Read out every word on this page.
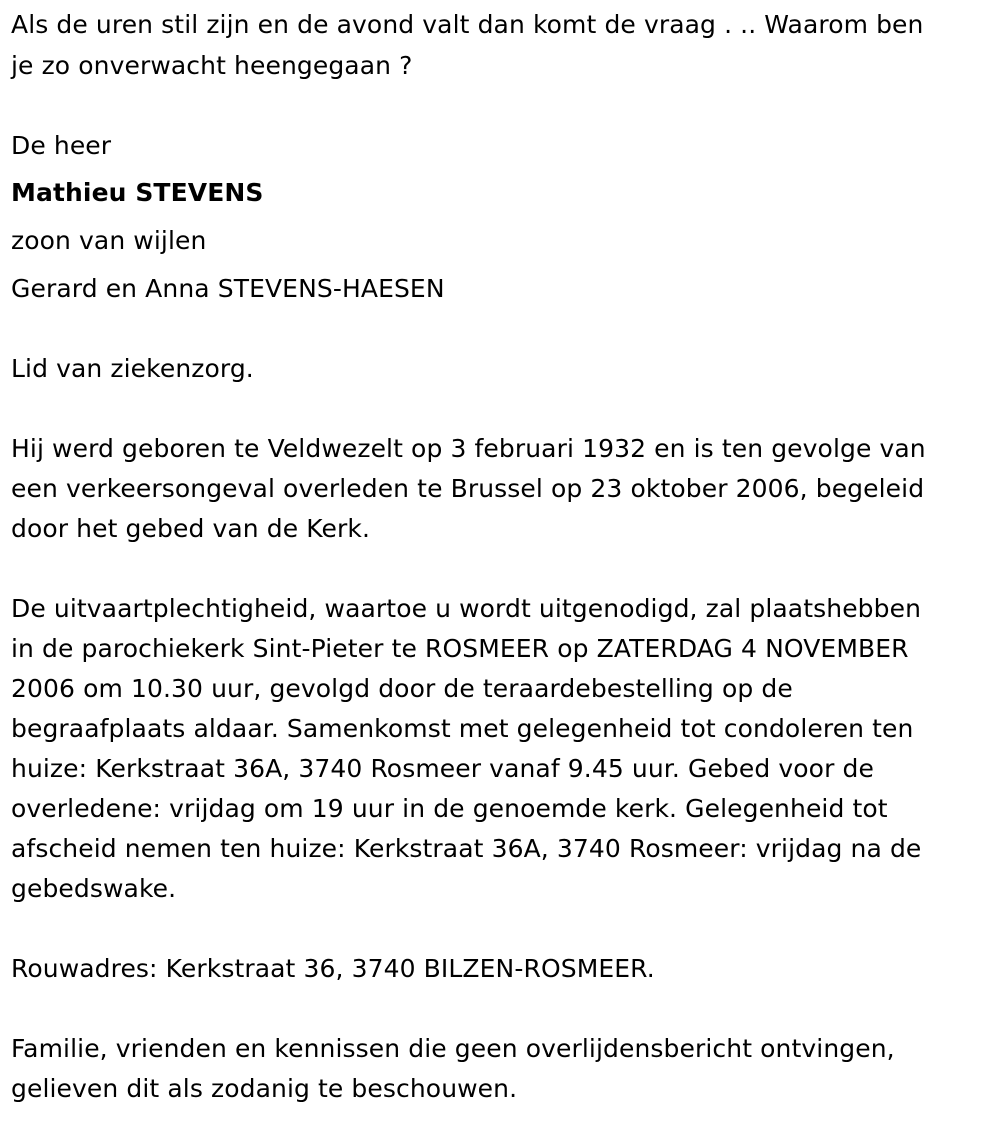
Als de uren stil zijn en de avond valt dan komt de vraag . .. Waarom ben
je zo onverwacht heengegaan ?
De heer
Mathieu STEVENS
zoon van wijlen
Gerard en Anna STEVENS-HAESEN
Lid van ziekenzorg.
Hij werd geboren te Veldwezelt op 3 februari 1932 en is ten gevolge van
een verkeersongeval overleden te Brussel op 23 oktober 2006, begeleid
door het gebed van de Kerk.
De uitvaartplechtigheid, waartoe u wordt uitgenodigd, zal plaatshebben
in de parochiekerk Sint-Pieter te ROSMEER op ZATERDAG 4 NOVEMBER
2006 om 10.30 uur, gevolgd door de teraardebestelling op de
begraafplaats aldaar. Samenkomst met gelegenheid tot condoleren ten
huize: Kerkstraat 36A, 3740 Rosmeer vanaf 9.45 uur. Gebed voor de
overledene: vrijdag om 19 uur in de genoemde kerk. Gelegenheid tot
afscheid nemen ten huize: Kerkstraat 36A, 3740 Rosmeer: vrijdag na de
gebedswake.
Rouwadres: Kerkstraat 36, 3740 BILZEN-ROSMEER.
Familie, vrienden en kennissen die geen overlijdensbericht ontvingen,
gelieven dit als zodanig te beschouwen.
